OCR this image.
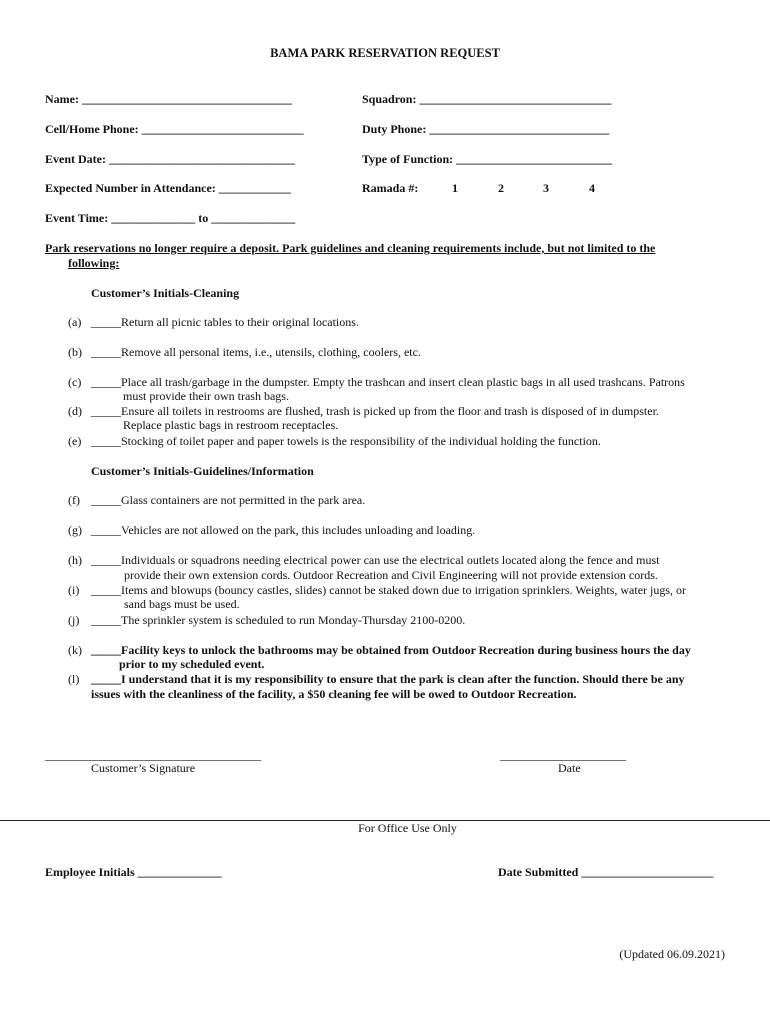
BAMA PARK RESERVATION REQUEST
Name: ___________________________________	Squadron: ________________________________
Cell/Home Phone: ___________________________	Duty Phone: ______________________________
Event Date: _______________________________	Type of Function: __________________________
Expected Number in Attendance: ____________	Ramada #:	1	2	3	4
Event Time: ______________ to ______________
Park reservations no longer require a deposit. Park guidelines and cleaning requirements include, but not limited to the
following:
Customer’s Initials-Cleaning
(a) _____Return all picnic tables to their original locations.
(b) _____Remove all personal items, i.e., utensils, clothing, coolers, etc.
(c) _____Place all trash/garbage in the dumpster. Empty the trashcan and insert clean plastic bags in all used trashcans. Patrons
must provide their own trash bags.
(d) _____Ensure all toilets in restrooms are flushed, trash is picked up from the floor and trash is disposed of in dumpster.
Replace plastic bags in restroom receptacles.
(e) _____Stocking of toilet paper and paper towels is the responsibility of the individual holding the function.
Customer’s Initials-Guidelines/Information
(f) _____Glass containers are not permitted in the park area.
(g) _____Vehicles are not allowed on the park, this includes unloading and loading.
(h) _____Individuals or squadrons needing electrical power can use the electrical outlets located along the fence and must
provide their own extension cords. Outdoor Recreation and Civil Engineering will not provide extension cords.
(i) _____Items and blowups (bouncy castles, slides) cannot be staked down due to irrigation sprinklers. Weights, water jugs, or
sand bags must be used.
(j) _____The sprinkler system is scheduled to run Monday-Thursday 2100-0200.
(k) _____Facility keys to unlock the bathrooms may be obtained from Outdoor Recreation during business hours the day
prior to my scheduled event.
(l) _____I understand that it is my responsibility to ensure that the park is clean after the function. Should there be any
issues with the cleanliness of the facility, a $50 cleaning fee will be owed to Outdoor Recreation.
____________________________________
Customer’s Signature
_____________________
Date
For Office Use Only
Employee Initials ______________	Date Submitted ______________________
(Updated 06.09.2021)
